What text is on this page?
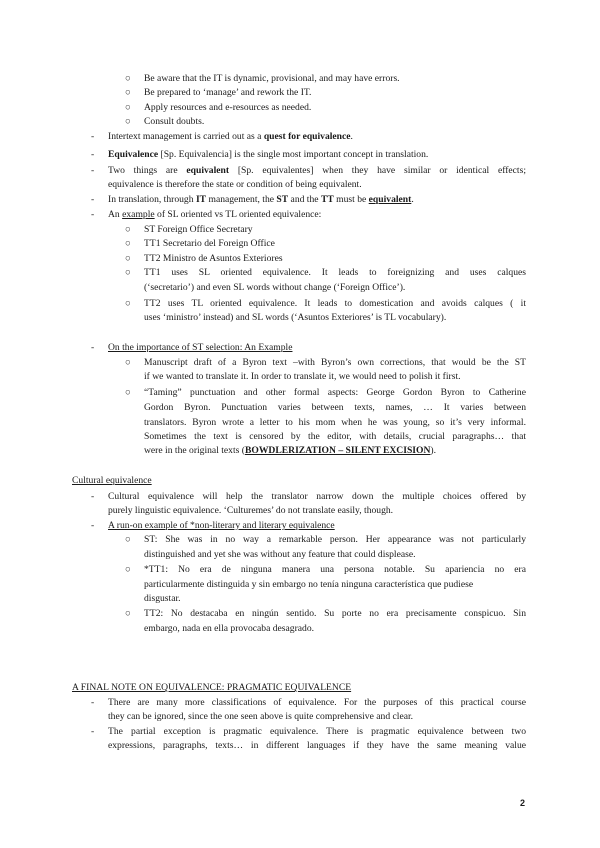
○ Be aware that the IT is dynamic, provisional, and may have errors.
○ Be prepared to ‘manage’ and rework the IT.
○ Apply resources and e-resources as needed.
○ Consult doubts.
- Intertext management is carried out as a quest for equivalence.
- Equivalence [Sp. Equivalencia] is the single most important concept in translation.
- Two things are equivalent [Sp. equivalentes] when they have similar or identical effects;
equivalence is therefore the state or condition of being equivalent.
- In translation, through IT management, the ST and the TT must be equivalent.
- An example of SL oriented vs TL oriented equivalence:
○ ST Foreign Office Secretary
○ TT1 Secretario del Foreign Office
○ TT2 Ministro de Asuntos Exteriores
○ TT1 uses SL oriented equivalence. It leads to foreignizing and uses calques
(‘secretario’) and even SL words without change (‘Foreign Office’).
○ TT2 uses TL oriented equivalence. It leads to domestication and avoids calques ( it
uses ‘ministro’ instead) and SL words (‘Asuntos Exteriores’ is TL vocabulary).
- On the importance of ST selection: An Example
○ Manuscript draft of a Byron text –with Byron’s own corrections, that would be the ST
if we wanted to translate it. In order to translate it, we would need to polish it first.
○ “Taming” punctuation and other formal aspects: George Gordon Byron to Catherine
Gordon Byron. Punctuation varies between texts, names, … It varies between
translators. Byron wrote a letter to his mom when he was young, so it’s very informal.
Sometimes the text is censored by the editor, with details, crucial paragraphs… that
were in the original texts (BOWDLERIZATION – SILENT EXCISION).
Cultural equivalence
- Cultural equivalence will help the translator narrow down the multiple choices offered by
purely linguistic equivalence. ‘Culturemes’ do not translate easily, though.
- A run-on example of *non-literary and literary equivalence
○ ST: She was in no way a remarkable person. Her appearance was not particularly
distinguished and yet she was without any feature that could displease.
○ *TT1: No era de ninguna manera una persona notable. Su apariencia no era
particularmente distinguida y sin embargo no tenía ninguna característica que pudiese
disgustar.
○ TT2: No destacaba en ningún sentido. Su porte no era precisamente conspicuo. Sin
embargo, nada en ella provocaba desagrado.
A FINAL NOTE ON EQUIVALENCE: PRAGMATIC EQUIVALENCE
- There are many more classifications of equivalence. For the purposes of this practical course
they can be ignored, since the one seen above is quite comprehensive and clear.
- The partial exception is pragmatic equivalence. There is pragmatic equivalence between two
expressions, paragraphs, texts… in different languages if they have the same meaning value
2
